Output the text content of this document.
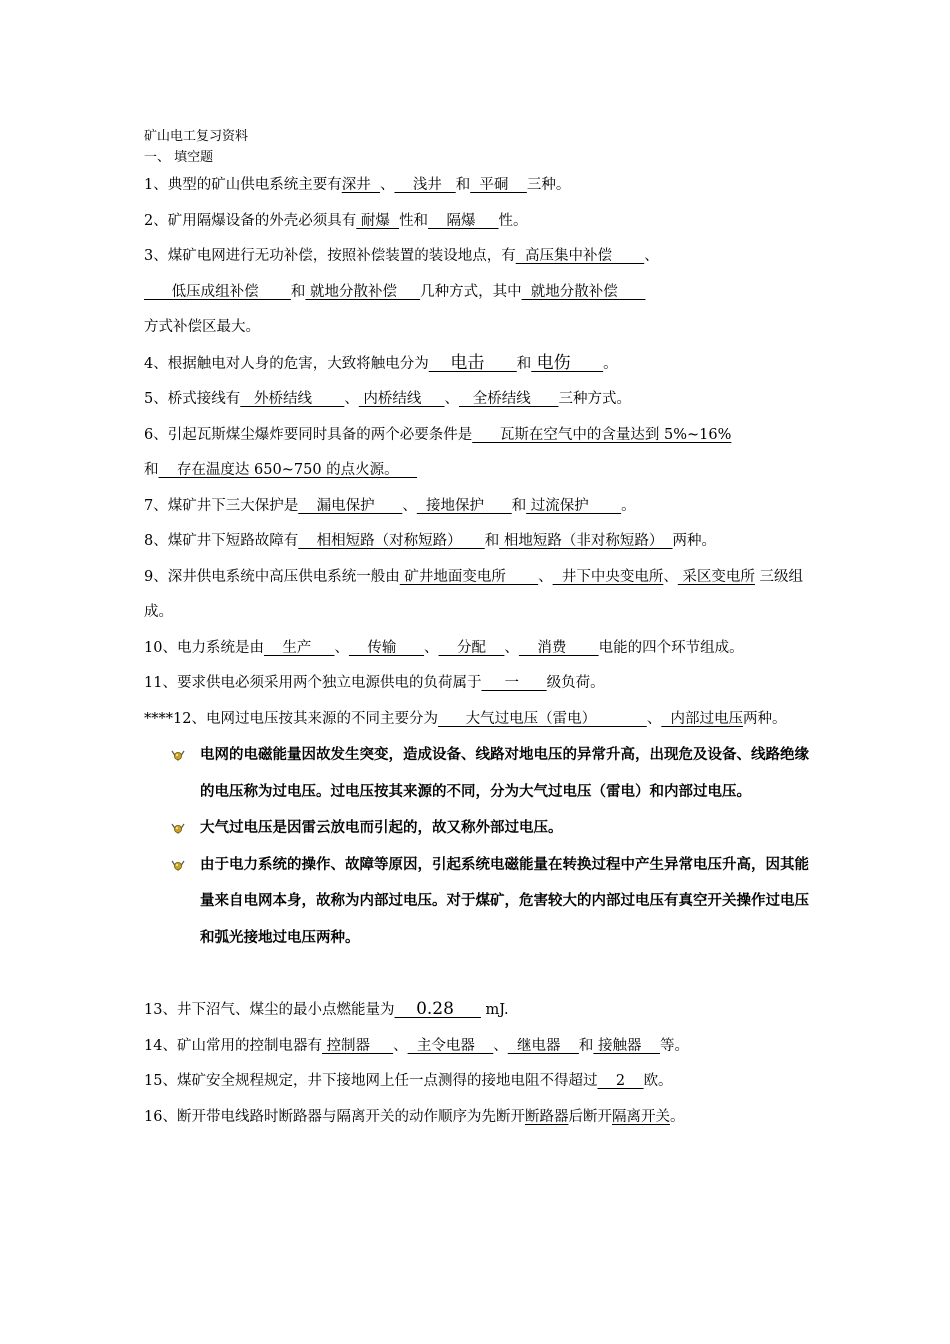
矿山电工复习资料

一、 填空题

1、典型的矿山供电系统主要有深井  、    浅井   和  平硐    三种。

2、矿用隔爆设备的外壳必须具有 耐爆  性和    隔爆     性。

3、煤矿电网进行无功补偿，按照补偿装置的装设地点，有  高压集中补偿       、

低压成组补偿       和 就地分散补偿     几种方式，其中  就地分散补偿

方式补偿区最大。

4、根据触电对人身的危害，大致将触电分为    电击      和 电伤      。

5、桥式接线有   外桥结线       、 内桥结线     、   全桥结线      三种方式。

6、引起瓦斯煤尘爆炸要同时具备的两个必要条件是      瓦斯在空气中的含量达到 5%~16%

和    存在温度达 650~750 的点火源。

7、煤矿井下三大保护是    漏电保护      、  接地保护      和 过流保护       。

8、煤矿井下短路故障有    相相短路（对称短路）     和 相地短路（非对称短路）  两种。

9、深井供电系统中高压供电系统一般由 矿井地面变电所       、  井下中央变电所、 采区变电所 三级组成。

10、电力系统是由    生产     、    传输      、    分配    、    消费       电能的四个环节组成。

11、要求供电必须采用两个独立电源供电的负荷属于     一      级负荷。

****12、电网过电压按其来源的不同主要分为      大气过电压（雷电）           、  内部过电压两种。

电网的电磁能量因故发生突变，造成设备、线路对地电压的异常升高，出现危及设备、线路绝缘的电压称为过电压。过电压按其来源的不同，分为大气过电压（雷电）和内部过电压。
大气过电压是因雷云放电而引起的，故又称外部过电压。
由于电力系统的操作、故障等原因，引起系统电磁能量在转换过程中产生异常电压升高，因其能量来自电网本身，故称为内部过电压。对于煤矿，危害较大的内部过电压有真空开关操作过电压和弧光接地过电压两种。

13、井下沼气、煤尘的最小点燃能量为    0.28      mJ.

14、矿山常用的控制电器有 控制器     、  主令电器    、  继电器    和 接触器    等。

15、煤矿安全规程规定，井下接地网上任一点测得的接地电阻不得超过    2    欧。

16、断开带电线路时断路器与隔离开关的动作顺序为先断开断路器后断开隔离开关。
